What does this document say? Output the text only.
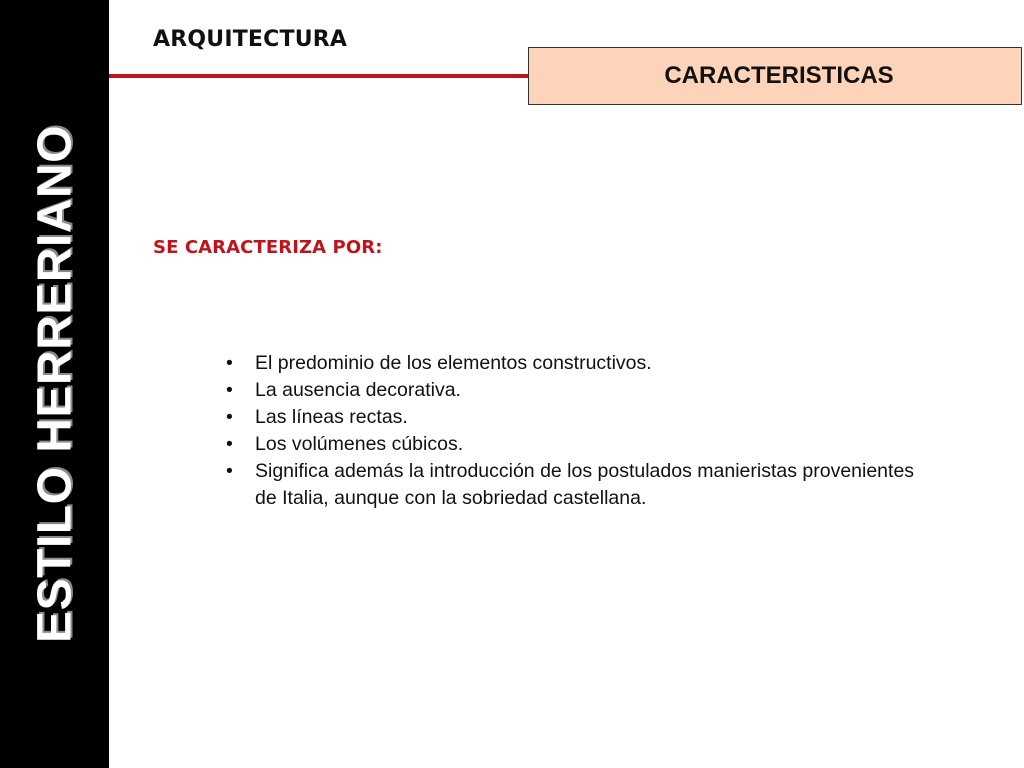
ESTILO HERRERIANO
ARQUITECTURA
CARACTERISTICAS
SE CARACTERIZA POR:
• El predominio de los elementos constructivos.
• La ausencia decorativa.
• Las líneas rectas.
• Los volúmenes cúbicos.
• Significa además la introducción de los postulados manieristas provenientes de Italia, aunque con la sobriedad castellana.
